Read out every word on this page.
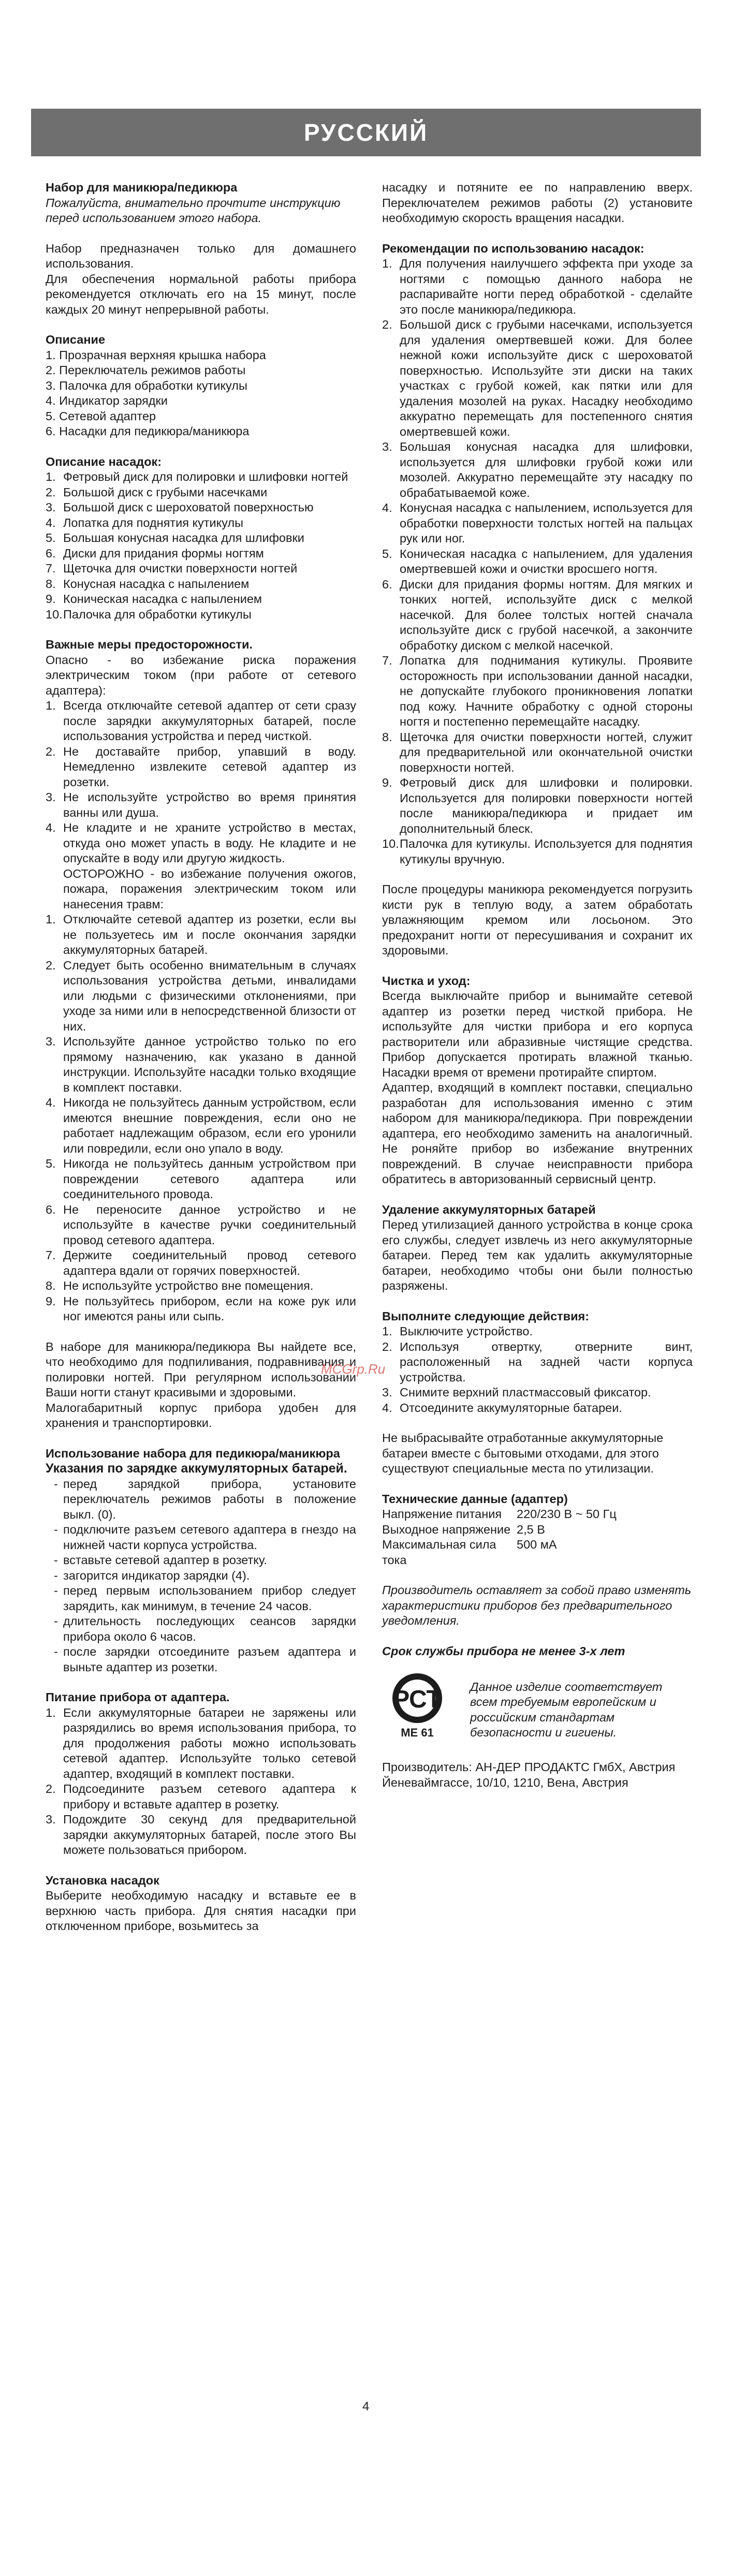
РУССКИЙ

Набор для маникюра/педикюра

Пожалуйста, внимательно прочтите инструкцию перед использованием этого набора.

Набор предназначен только для домашнего использования.

Для обеспечения нормальной работы прибора рекомендуется отключать его на 15 минут, после каждых 20 минут непрерывной работы.

Описание

1. Прозрачная верхняя крышка набора
2. Переключатель режимов работы
3. Палочка для обработки кутикулы
4. Индикатор зарядки
5. Сетевой адаптер
6. Насадки для педикюра/маникюра

Описание насадок:

1. Фетровый диск для полировки и шлифовки ногтей
2. Большой диск с грубыми насечками
3. Большой диск с шероховатой поверхностью
4. Лопатка для поднятия кутикулы
5. Большая конусная насадка для шлифовки
6. Диски для придания формы ногтям
7. Щеточка для очистки поверхности ногтей
8. Конусная насадка с напылением
9. Коническая насадка с напылением
10. Палочка для обработки кутикулы

Важные меры предосторожности.

Опасно - во избежание риска поражения электрическим током (при работе от сетевого адаптера):

1. Всегда отключайте сетевой адаптер от сети сразу после зарядки аккумуляторных батарей, после использования устройства и перед чисткой.
2. Не доставайте прибор, упавший в воду. Немедленно извлеките сетевой адаптер из розетки.
3. Не используйте устройство во время принятия ванны или душа.
4. Не кладите и не храните устройство в местах, откуда оно может упасть в воду. Не кладите и не опускайте в воду или другую жидкость.

ОСТОРОЖНО - во избежание получения ожогов, пожара, поражения электрическим током или нанесения травм:

1. Отключайте сетевой адаптер из розетки, если вы не пользуетесь им и после окончания зарядки аккумуляторных батарей.
2. Следует быть особенно внимательным в случаях использования устройства детьми, инвалидами или людьми с физическими отклонениями, при уходе за ними или в непосредственной близости от них.
3. Используйте данное устройство только по его прямому назначению, как указано в данной инструкции. Используйте насадки только входящие в комплект поставки.
4. Никогда не пользуйтесь данным устройством, если имеются внешние повреждения, если оно не работает надлежащим образом, если его уронили или повредили, если оно упало в воду.
5. Никогда не пользуйтесь данным устройством при повреждении сетевого адаптера или соединительного провода.
6. Не переносите данное устройство и не используйте в качестве ручки соединительный провод сетевого адаптера.
7. Держите соединительный провод сетевого адаптера вдали от горячих поверхностей.
8. Не используйте устройство вне помещения.
9. Не пользуйтесь прибором, если на коже рук или ног имеются раны или сыпь.

В наборе для маникюра/педикюра Вы найдете все, что необходимо для подпиливания, подравнивания и полировки ногтей. При регулярном использовании Ваши ногти станут красивыми и здоровыми.

Малогабаритный корпус прибора удобен для хранения и транспортировки.

Использование набора для педикюра/маникюра

Указания по зарядке аккумуляторных батарей.

- перед зарядкой прибора, установите переключатель режимов работы в положение выкл. (0).
- подключите разъем сетевого адаптера в гнездо на нижней части корпуса устройства.
- вставьте сетевой адаптер в розетку.
- загорится индикатор зарядки (4).
- перед первым использованием прибор следует зарядить, как минимум, в течение 24 часов.
- длительность последующих сеансов зарядки прибора около 6 часов.
- после зарядки отсоедините разъем адаптера и выньте адаптер из розетки.

Питание прибора от адаптера.

1. Если аккумуляторные батареи не заряжены или разрядились во время использования прибора, то для продолжения работы можно использовать сетевой адаптер. Используйте только сетевой адаптер, входящий в комплект поставки.
2. Подсоедините разъем сетевого адаптера к прибору и вставьте адаптер в розетку.
3. Подождите 30 секунд для предварительной зарядки аккумуляторных батарей, после этого Вы можете пользоваться прибором.

Установка насадок

Выберите необходимую насадку и вставьте ее в верхнюю часть прибора. Для снятия насадки при отключенном приборе, возьмитесь за

насадку и потяните ее по направлению вверх. Переключателем режимов работы (2) установите необходимую скорость вращения насадки.

Рекомендации по использованию насадок:

1. Для получения наилучшего эффекта при уходе за ногтями с помощью данного набора не распаривайте ногти перед обработкой - сделайте это после маникюра/педикюра.
2. Большой диск с грубыми насечками, используется для удаления омертвевшей кожи. Для более нежной кожи используйте диск с шероховатой поверхностью. Используйте эти диски на таких участках с грубой кожей, как пятки или для удаления мозолей на руках. Насадку необходимо аккуратно перемещать для постепенного снятия омертвевшей кожи.
3. Большая конусная насадка для шлифовки, используется для шлифовки грубой кожи или мозолей. Аккуратно перемещайте эту насадку по обрабатываемой коже.
4. Конусная насадка с напылением, используется для обработки поверхности толстых ногтей на пальцах рук или ног.
5. Коническая насадка с напылением, для удаления омертвевшей кожи и очистки вросшего ногтя.
6. Диски для придания формы ногтям. Для мягких и тонких ногтей, используйте диск с мелкой насечкой. Для более толстых ногтей сначала используйте диск с грубой насечкой, а закончите обработку диском с мелкой насечкой.
7. Лопатка для поднимания кутикулы. Проявите осторожность при использовании данной насадки, не допускайте глубокого проникновения лопатки под кожу. Начните обработку с одной стороны ногтя и постепенно перемещайте насадку.
8. Щеточка для очистки поверхности ногтей, служит для предварительной или окончательной очистки поверхности ногтей.
9. Фетровый диск для шлифовки и полировки. Используется для полировки поверхности ногтей после маникюра/педикюра и придает им дополнительный блеск.
10. Палочка для кутикулы. Используется для поднятия кутикулы вручную.

После процедуры маникюра рекомендуется погрузить кисти рук в теплую воду, а затем обработать увлажняющим кремом или лосьоном. Это предохранит ногти от пересушивания и сохранит их здоровыми.

Чистка и уход:

Всегда выключайте прибор и вынимайте сетевой адаптер из розетки перед чисткой прибора. Не используйте для чистки прибора и его корпуса растворители или абразивные чистящие средства. Прибор допускается протирать влажной тканью. Насадки время от времени протирайте спиртом.

Адаптер, входящий в комплект поставки, специально разработан для использования именно с этим набором для маникюра/педикюра. При повреждении адаптера, его необходимо заменить на аналогичный. Не роняйте прибор во избежание внутренних повреждений. В случае неисправности прибора обратитесь в авторизованный сервисный центр.

Удаление аккумуляторных батарей

Перед утилизацией данного устройства в конце срока его службы, следует извлечь из него аккумуляторные батареи. Перед тем как удалить аккумуляторные батареи, необходимо чтобы они были полностью разряжены.

Выполните следующие действия:

1. Выключите устройство.
2. Используя отвертку, отверните винт, расположенный на задней части корпуса устройства.
3. Снимите верхний пластмассовый фиксатор.
4. Отсоедините аккумуляторные батареи.

Не выбрасывайте отработанные аккумуляторные батареи вместе с бытовыми отходами, для этого существуют специальные места по утилизации.

Технические данные (адаптер)

Напряжение питания	220/230 В ~ 50 Гц
Выходное напряжение 2,5 В
Максимальная сила тока
500 мА

Производитель оставляет за собой право изменять характеристики приборов без предварительного уведомления.

Срок службы прибора не менее 3-х лет

РСТ
ME 61

Данное изделие соответствует всем требуемым европейским и российским стандартам безопасности и гигиены.

Производитель: АН-ДЕР ПРОДАКТС ГмбХ, Австрия

Йеневаймгассе, 10/10, 1210, Вена, Австрия

MCGrp.Ru
4
